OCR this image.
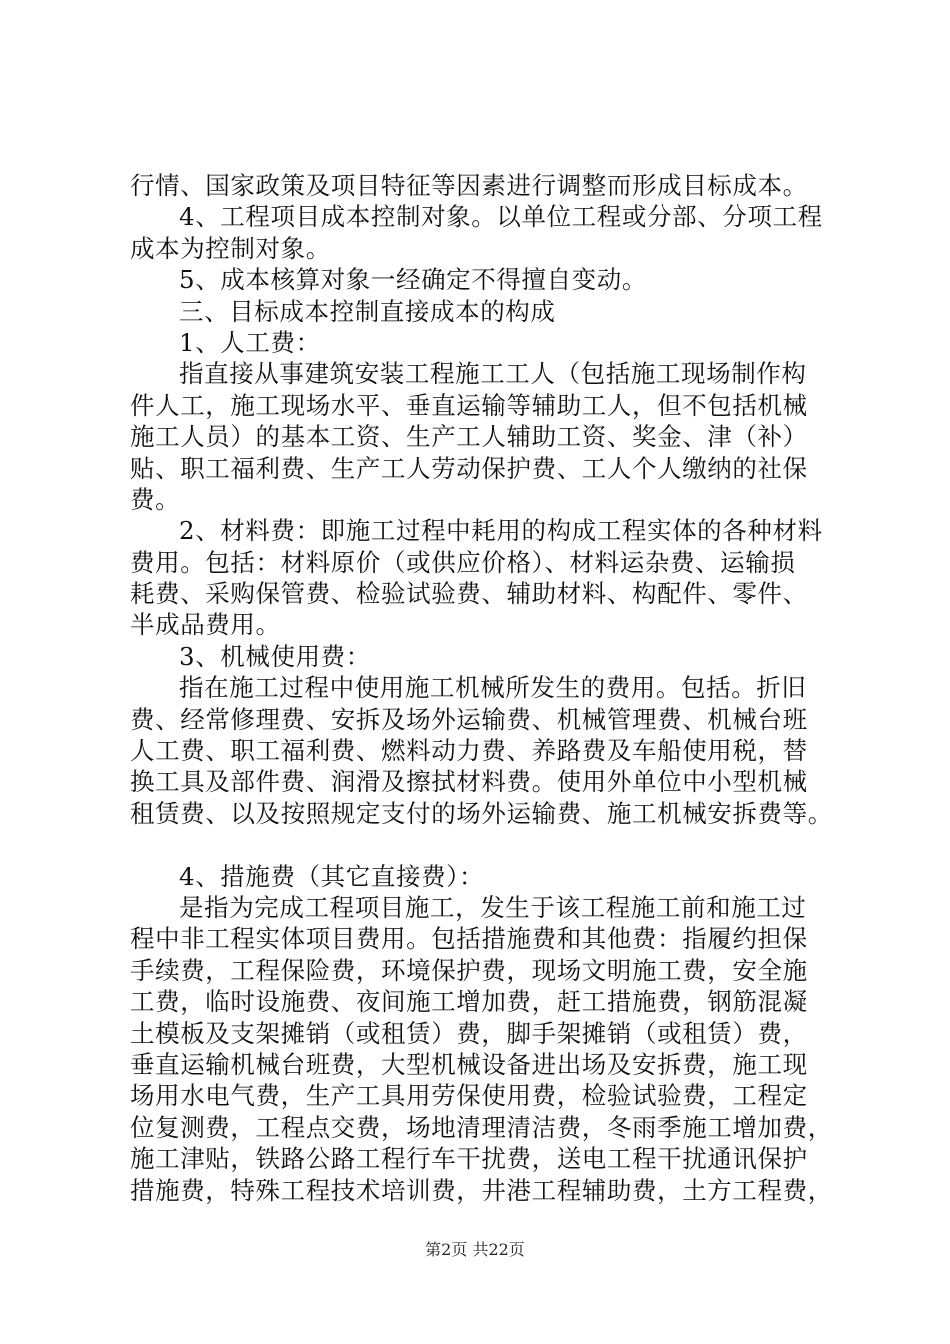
行情、国家政策及项目特征等因素进行调整而形成目标成本。
4、工程项目成本控制对象。以单位工程或分部、分项工程
成本为控制对象。
5、成本核算对象一经确定不得擅自变动。
三、目标成本控制直接成本的构成
1、人工费：
指直接从事建筑安装工程施工工人（包括施工现场制作构
件人工，施工现场水平、垂直运输等辅助工人，但不包括机械
施工人员）的基本工资、生产工人辅助工资、奖金、津（补）
贴、职工福利费、生产工人劳动保护费、工人个人缴纳的社保
费。
2、材料费：即施工过程中耗用的构成工程实体的各种材料
费用。包括：材料原价（或供应价格）、材料运杂费、运输损
耗费、采购保管费、检验试验费、辅助材料、构配件、零件、
半成品费用。
3、机械使用费：
指在施工过程中使用施工机械所发生的费用。包括。折旧
费、经常修理费、安拆及场外运输费、机械管理费、机械台班
人工费、职工福利费、燃料动力费、养路费及车船使用税，替
换工具及部件费、润滑及擦拭材料费。使用外单位中小型机械
租赁费、以及按照规定支付的场外运输费、施工机械安拆费等。
4、措施费（其它直接费）：
是指为完成工程项目施工，发生于该工程施工前和施工过
程中非工程实体项目费用。包括措施费和其他费：指履约担保
手续费，工程保险费，环境保护费，现场文明施工费，安全施
工费，临时设施费、夜间施工增加费，赶工措施费，钢筋混凝
土模板及支架摊销（或租赁）费，脚手架摊销（或租赁）费，
垂直运输机械台班费，大型机械设备进出场及安拆费，施工现
场用水电气费，生产工具用劳保使用费，检验试验费，工程定
位复测费，工程点交费，场地清理清洁费，冬雨季施工增加费，
施工津贴，铁路公路工程行车干扰费，送电工程干扰通讯保护
措施费，特殊工程技术培训费，井港工程辅助费，土方工程费，
第2页 共22页
